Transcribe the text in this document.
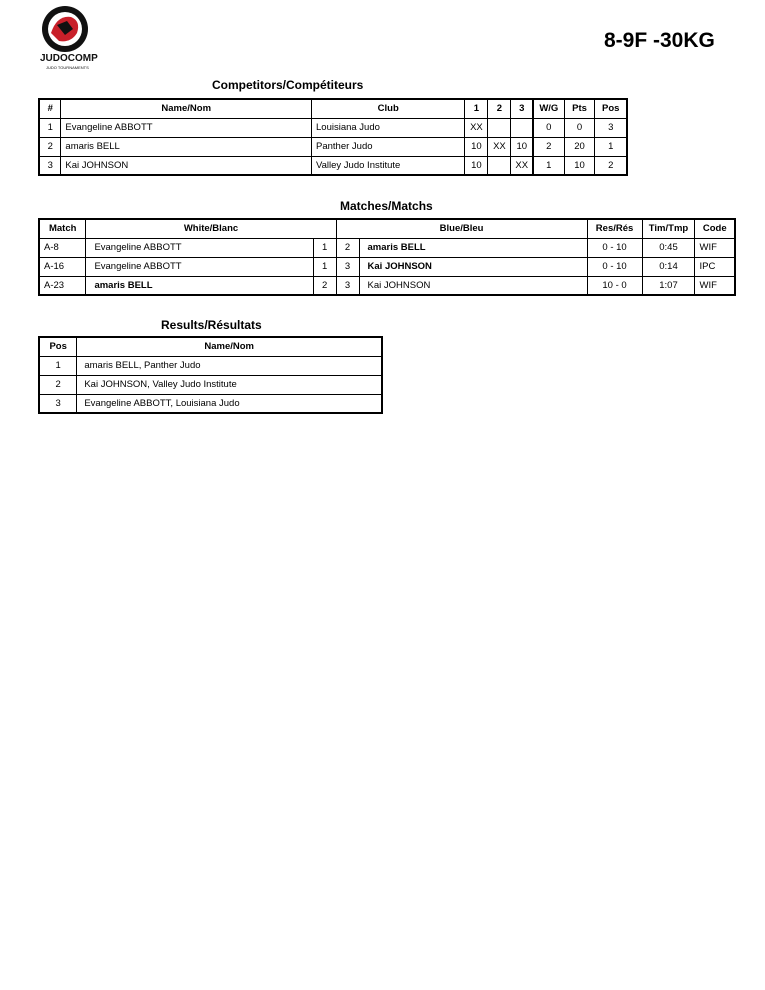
JUDOCOMP
JUDO TOURNAMENTS
8-9F -30KG
Competitors/Compétiteurs
#	Name/Nom	Club	1	2	3	W/G	Pts	Pos
1	Evangeline ABBOTT	Louisiana Judo	XX			0	0	3
2	amaris BELL	Panther Judo	10	XX	10	2	20	1
3	Kai JOHNSON	Valley Judo Institute	10		XX	1	10	2
Matches/Matchs
Match	White/Blanc		Blue/Bleu		Res/Rés	Tim/Tmp	Code
A-8	Evangeline ABBOTT	1	2	amaris BELL	0 - 10	0:45	WIF
A-16	Evangeline ABBOTT	1	3	Kai JOHNSON	0 - 10	0:14	IPC
A-23	amaris BELL	2	3	Kai JOHNSON	10 - 0	1:07	WIF
Results/Résultats
Pos	Name/Nom
1	amaris BELL, Panther Judo
2	Kai JOHNSON, Valley Judo Institute
3	Evangeline ABBOTT, Louisiana Judo
